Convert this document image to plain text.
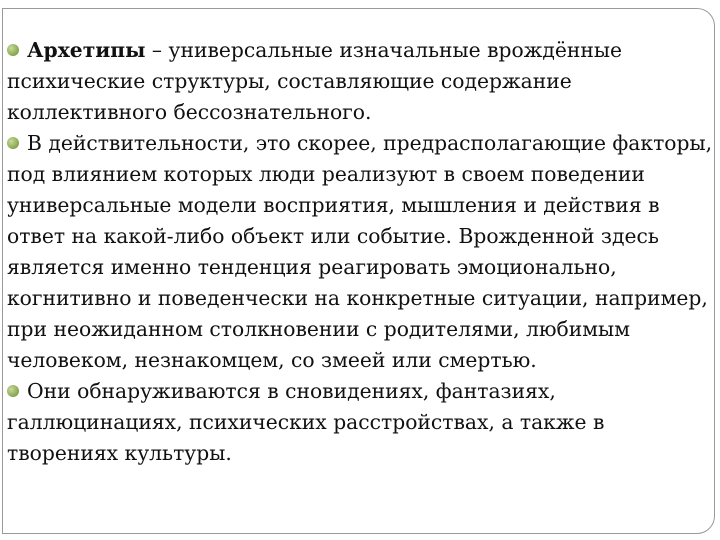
Архетипы – универсальные изначальные врождённые психические структуры, составляющие содержание коллективного бессознательного.

В действительности, это скорее, предрасполагающие факторы, под влиянием которых люди реализуют в своем поведении универсальные модели восприятия, мышления и действия в ответ на какой-либо объект или событие. Врожденной здесь является именно тенденция реагировать эмоционально, когнитивно и поведенчески на конкретные ситуации, например, при неожиданном столкновении с родителями, любимым человеком, незнакомцем, со змеей или смертью.

Они обнаруживаются в сновидениях, фантазиях, галлюцинациях, психических расстройствах, а также в творениях культуры.
